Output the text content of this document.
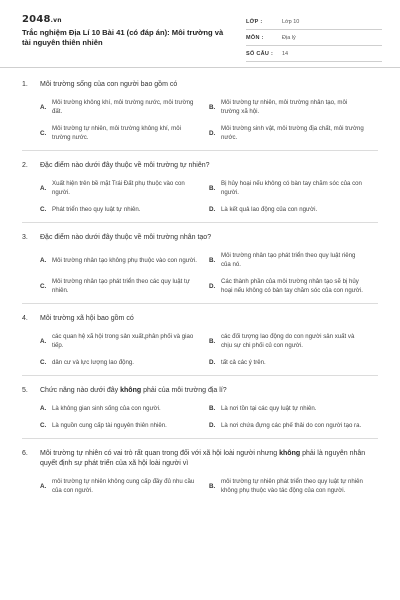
2048.vn
Trắc nghiệm Địa Lí 10 Bài 41 (có đáp án): Môi trường và tài nguyên thiên nhiên
LỚP :	Lớp 10
MÔN :	Địa lý
SỐ CÂU :	14
1.	Môi trường sống của con người bao gồm có
A.
Môi trường không khí, môi trường nước, môi trường đất.
B.
Môi trường tự nhiên, môi trường nhân tạo, môi trường xã hội.
C.
Môi trường tự nhiên, môi trường không khí, môi trường nước.
D.
Môi trường sinh vật, môi trường địa chất, môi trường nước.
2.	Đặc điểm nào dưới đây thuộc về môi trường tự nhiên?
A.
Xuất hiện trên bề mặt Trái Đất phụ thuộc vào con người.
B.
Bị hủy hoại nếu không có bàn tay chăm sóc của con người.
C. Phát triển theo quy luật tự nhiên.	D. Là kết quả lao động của con người.
3.	Đặc điểm nào dưới đây thuộc về môi trường nhân tạo?
A. Môi trường nhân tạo không phụ thuộc vào con người.	B.
Môi trường nhân tạo phát triển theo quy luật riêng của nó.
C.
Môi trường nhân tạo phát triển theo các quy luật tự nhiên.
D.
Các thành phần của môi trường nhân tạo sẽ bị hủy hoại nếu không có bàn tay chăm sóc của con người.
4.	Môi trường xã hội bao gồm có
A.
các quan hệ xã hội trong sản xuất,phân phối và giao tiếp.
B.
các đối tượng lao động do con người sản xuất và chịu sự chi phối củ con người.
C. dân cư và lực lượng lao động.	D. tất cả các ý trên.
5.	Chức năng nào dưới đây không phải của môi trường địa lí?
A. Là không gian sinh sống của con người.	B. Là nơi tồn tại các quy luật tự nhiên.
C. Là nguồn cung cấp tài nguyên thiên nhiên.	D. Là nơi chứa đựng các phế thải do con người tạo ra.
6.	Môi trường tự nhiên có vai trò rất quan trong đối với xã hội loài người nhưng không phải là nguyên nhân quyết định sự phát triển của xã hội loài người vì
A.
môi trường tự nhiên không cung cấp đầy đủ nhu cầu của con người.
B.
môi trường tự nhiên phát triển theo quy luật tự nhiên không phụ thuộc vào tác động của con người.
